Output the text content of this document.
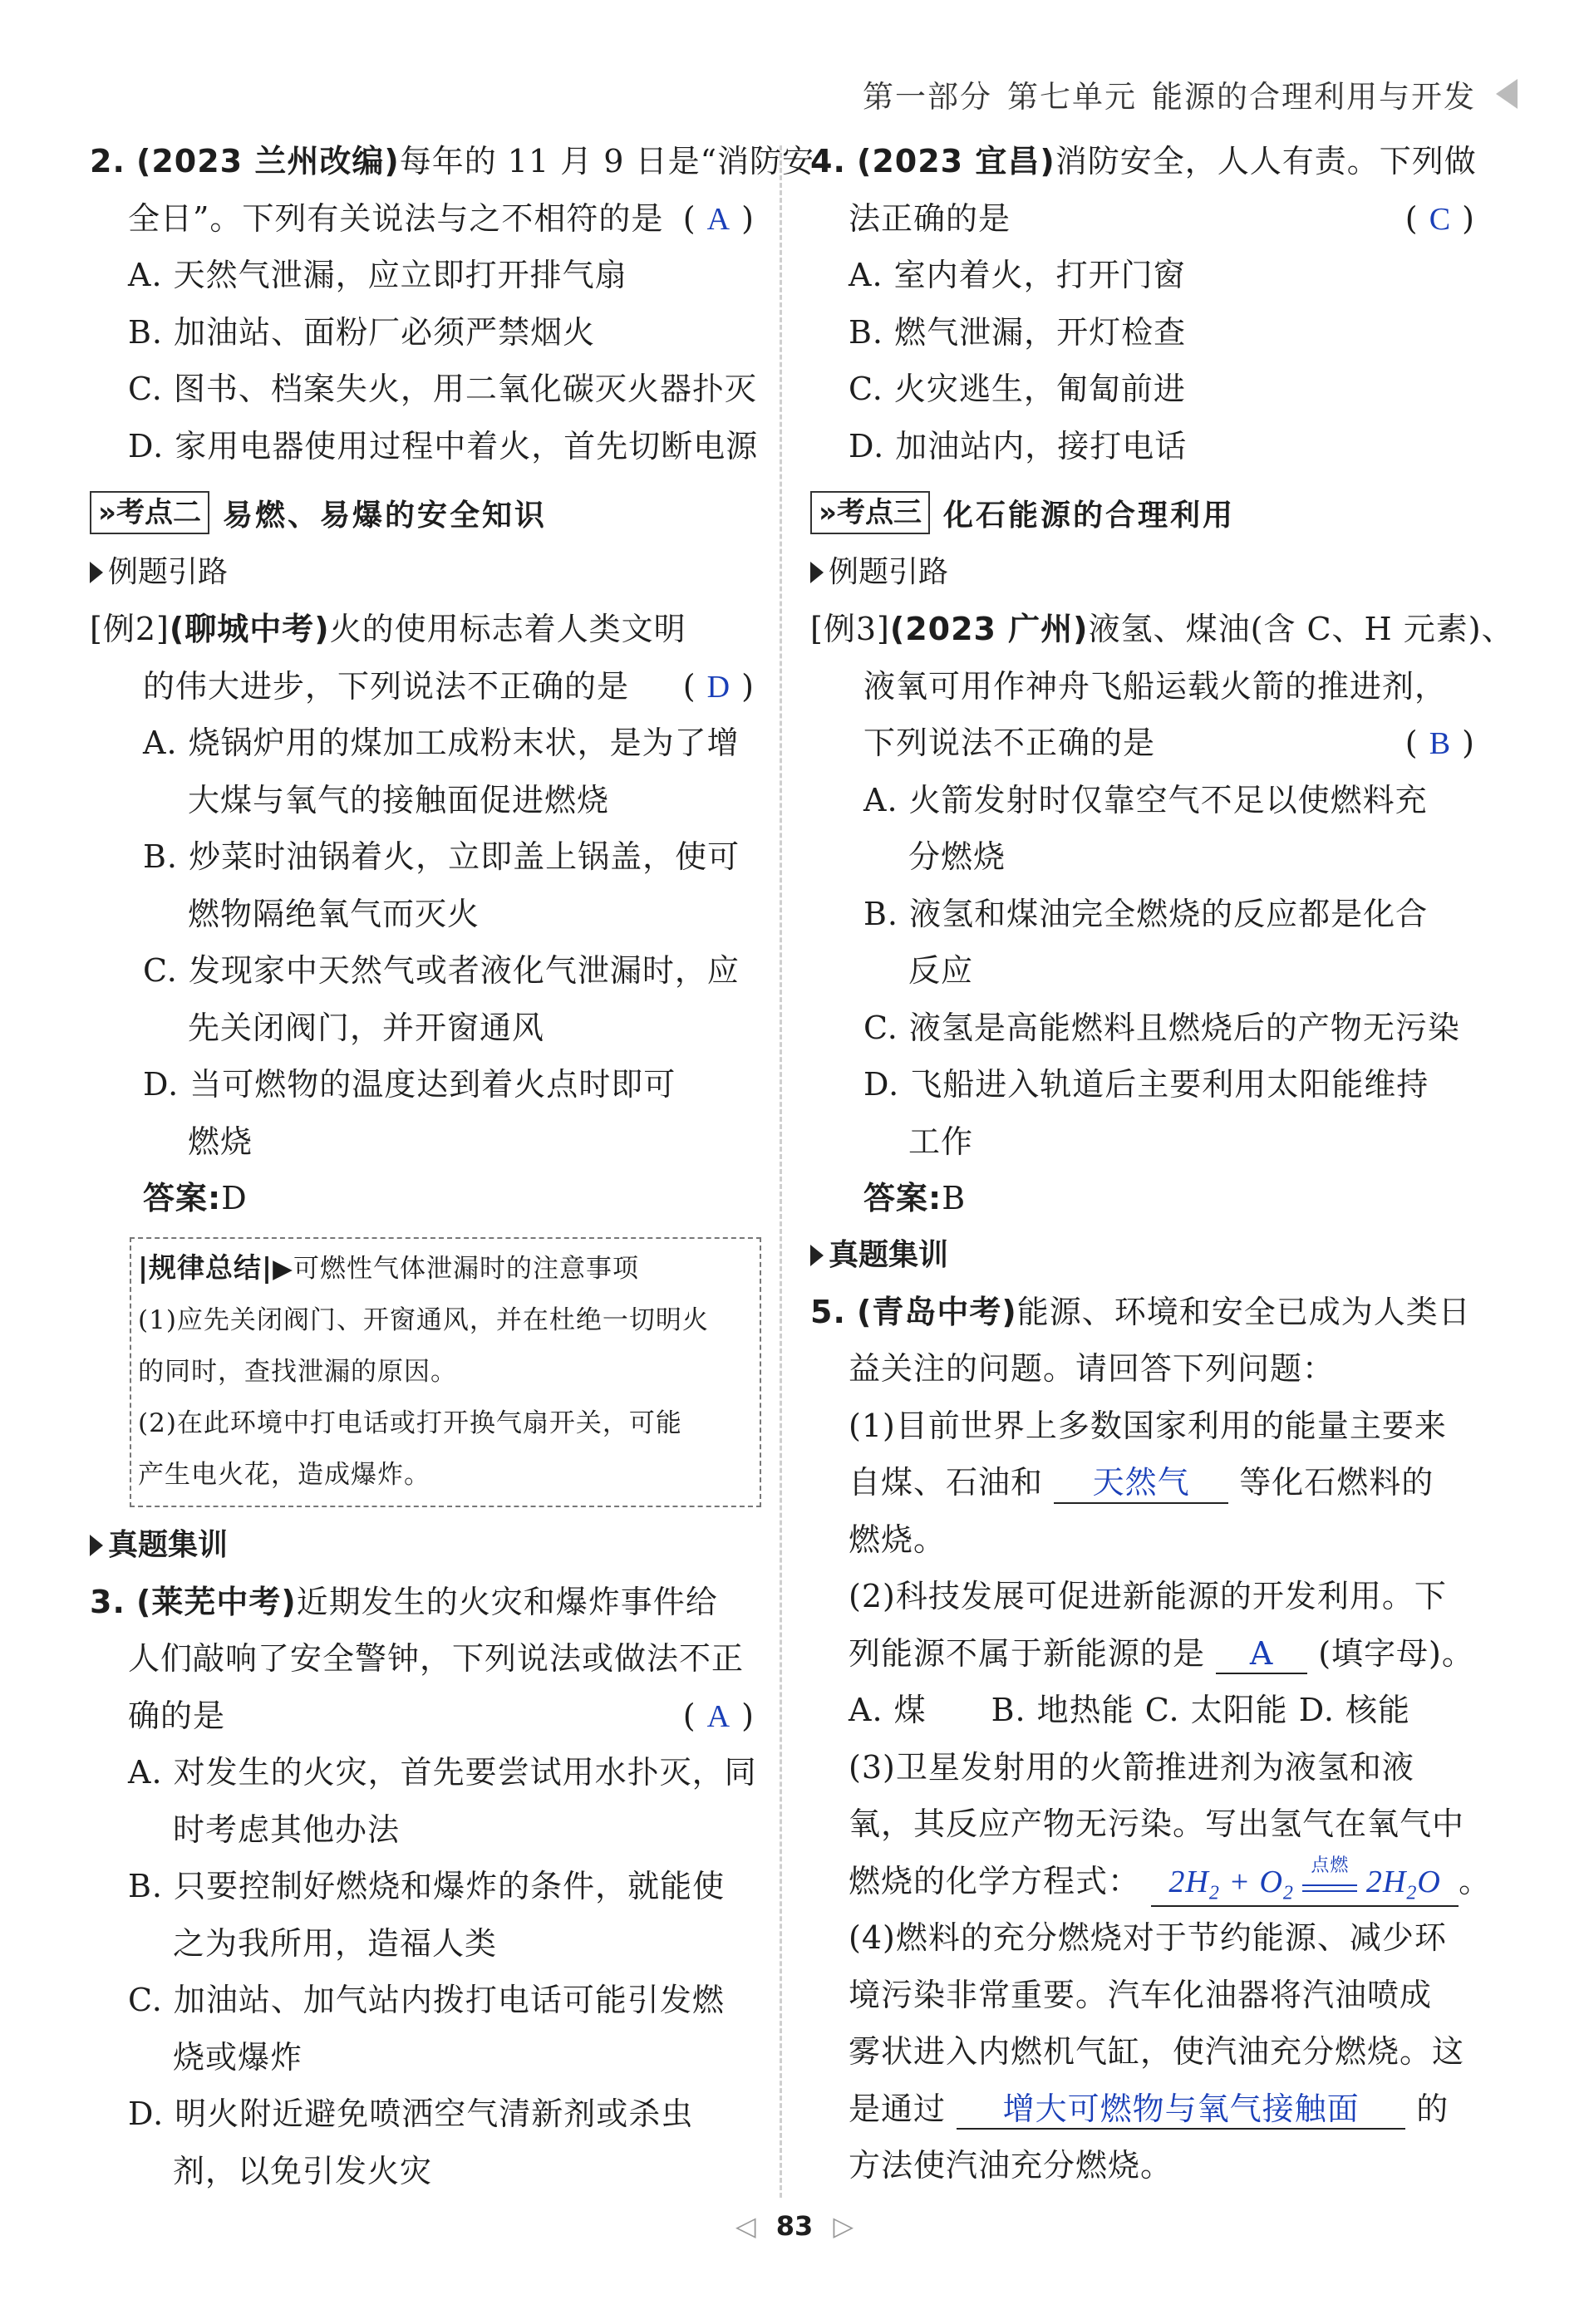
第一部分 第七单元 能源的合理利用与开发
2. (2023 兰州改编)每年的 11 月 9 日是“消防安
全日”。下列有关说法与之不相符的是 ( A )
A. 天然气泄漏，应立即打开排气扇
B. 加油站、面粉厂必须严禁烟火
C. 图书、档案失火，用二氧化碳灭火器扑灭
D. 家用电器使用过程中着火，首先切断电源
»考点二 易燃、易爆的安全知识
例题引路
[例2](聊城中考)火的使用标志着人类文明
的伟大进步，下列说法不正确的是 ( D )
A. 烧锅炉用的煤加工成粉末状，是为了增
大煤与氧气的接触面促进燃烧
B. 炒菜时油锅着火，立即盖上锅盖，使可
燃物隔绝氧气而灭火
C. 发现家中天然气或者液化气泄漏时，应
先关闭阀门，并开窗通风
D. 当可燃物的温度达到着火点时即可
燃烧
答案:D
|规律总结|▶可燃性气体泄漏时的注意事项
(1)应先关闭阀门、开窗通风，并在杜绝一切明火
的同时，查找泄漏的原因。
(2)在此环境中打电话或打开换气扇开关，可能
产生电火花，造成爆炸。
真题集训
3. (莱芜中考)近期发生的火灾和爆炸事件给
人们敲响了安全警钟，下列说法或做法不正
确的是	( A )
A. 对发生的火灾，首先要尝试用水扑灭，同
时考虑其他办法
B. 只要控制好燃烧和爆炸的条件，就能使
之为我所用，造福人类
C. 加油站、加气站内拨打电话可能引发燃
烧或爆炸
D. 明火附近避免喷洒空气清新剂或杀虫
剂，以免引发火灾
4. (2023 宜昌)消防安全，人人有责。下列做
法正确的是	( C )
A. 室内着火，打开门窗
B. 燃气泄漏，开灯检查
C. 火灾逃生，匍匐前进
D. 加油站内，接打电话
»考点三 化石能源的合理利用
例题引路
[例3](2023 广州)液氢、煤油(含 C、H 元素)、
液氧可用作神舟飞船运载火箭的推进剂，
下列说法不正确的是	( B )
A. 火箭发射时仅靠空气不足以使燃料充
分燃烧
B. 液氢和煤油完全燃烧的反应都是化合
反应
C. 液氢是高能燃料且燃烧后的产物无污染
D. 飞船进入轨道后主要利用太阳能维持
工作
答案:B
真题集训
5. (青岛中考)能源、环境和安全已成为人类日
益关注的问题。请回答下列问题：
(1)目前世界上多数国家利用的能量主要来
自煤、石油和 天然气 等化石燃料的
燃烧。
(2)科技发展可促进新能源的开发利用。下
列能源不属于新能源的是 A (填字母)。
A. 煤　　B. 地热能 C. 太阳能 D. 核能
(3)卫星发射用的火箭推进剂为液氢和液
氧，其反应产物无污染。写出氢气在氧气中
燃烧的化学方程式： $2H_2 + O_2$
点燃 $2H_2O$ 。
(4)燃料的充分燃烧对于节约能源、减少环
境污染非常重要。汽车化油器将汽油喷成
雾状进入内燃机气缸，使汽油充分燃烧。这
是通过 增大可燃物与氧气接触面 的
方法使汽油充分燃烧。
◁ 83 ▷
